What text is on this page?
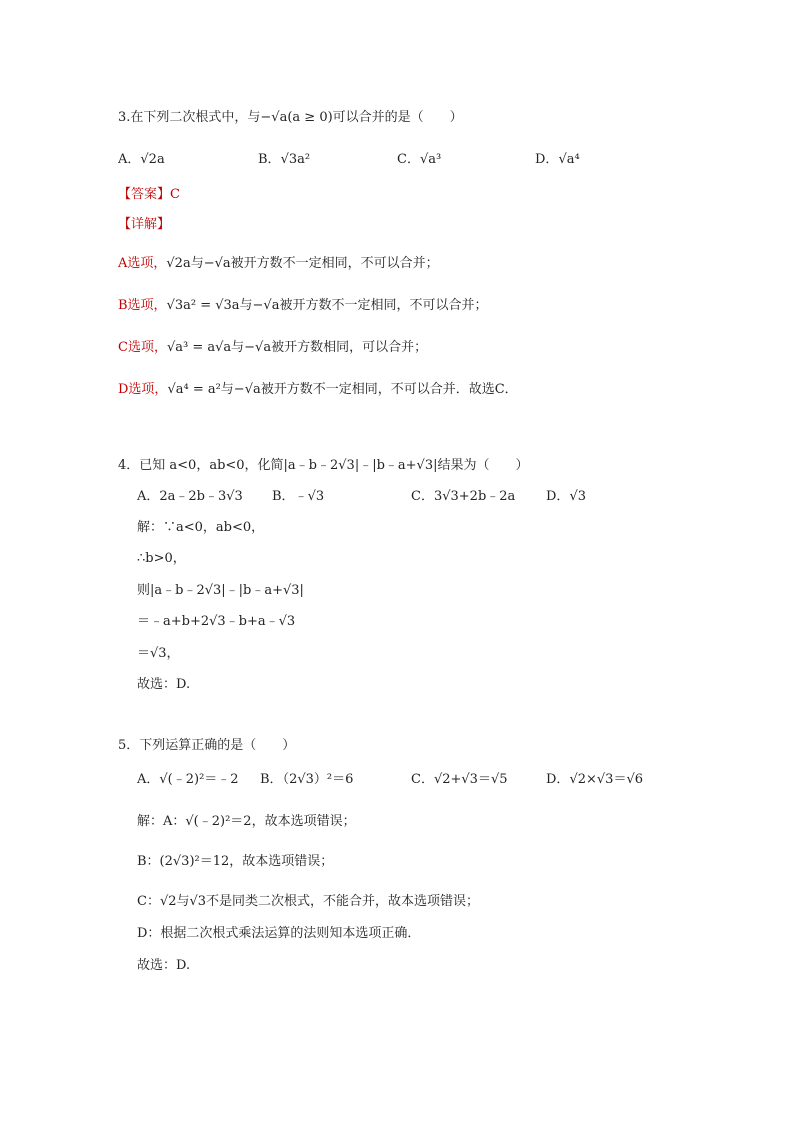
3.在下列二次根式中，与−√a(a ≥ 0)可以合并的是（　　）
A．√2a	B．√3a²	C．√a³	D．√a⁴
【答案】C
【详解】
A选项，√2a与−√a被开方数不一定相同，不可以合并；
B选项，√3a² = √3a与−√a被开方数不一定相同，不可以合并；
C选项，√a³ = a√a与−√a被开方数相同，可以合并；
D选项，√a⁴ = a²与−√a被开方数不一定相同，不可以合并．故选C．
4．已知 a<0，ab<0，化简|a﹣b﹣2√3|﹣|b﹣a+√3|结果为（　　）
A．2a﹣2b﹣3√3 B．﹣√3	C．3√3+2b﹣2a D．√3
解：∵a<0，ab<0，
∴b>0，
则|a﹣b﹣2√3|﹣|b﹣a+√3|
＝﹣a+b+2√3﹣b+a﹣√3
＝√3，
故选：D.
5．下列运算正确的是（　　）
A．√(﹣2)²＝﹣2 B．（2√3）²＝6	C．√2+√3＝√5	D．√2×√3＝√6
解：A：√(﹣2)²＝2，故本选项错误；
B：(2√3)²＝12，故本选项错误；
C：√2与√3不是同类二次根式，不能合并，故本选项错误；
D：根据二次根式乘法运算的法则知本选项正确．
故选：D.
